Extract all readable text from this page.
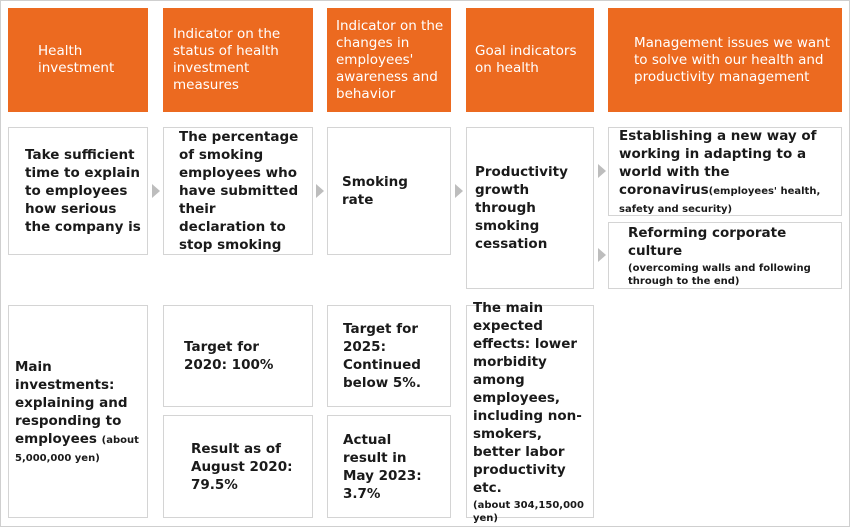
Health investment
Indicator on the status of health investment measures
Indicator on the changes in employees' awareness and behavior
Goal indicators on health
Management issues we want to solve with our health and productivity management
Take sufficient time to explain to employees how serious the company is
The percentage of smoking employees who have submitted their declaration to stop smoking
Smoking rate
Productivity growth through smoking cessation
Establishing a new way of working in adapting to a world with the coronavirus(employees' health, safety and security)
Reforming corporate culture
(overcoming walls and following through to the end)
Main investments: explaining and responding to employees (about 5,000,000 yen)
Target for 2020: 100%
Result as of August 2020: 79.5%
Target for 2025: Continued below 5%.
Actual result in May 2023: 3.7%
The main expected effects: lower morbidity among employees, including non-smokers, better labor productivity etc.
(about 304,150,000 yen)
